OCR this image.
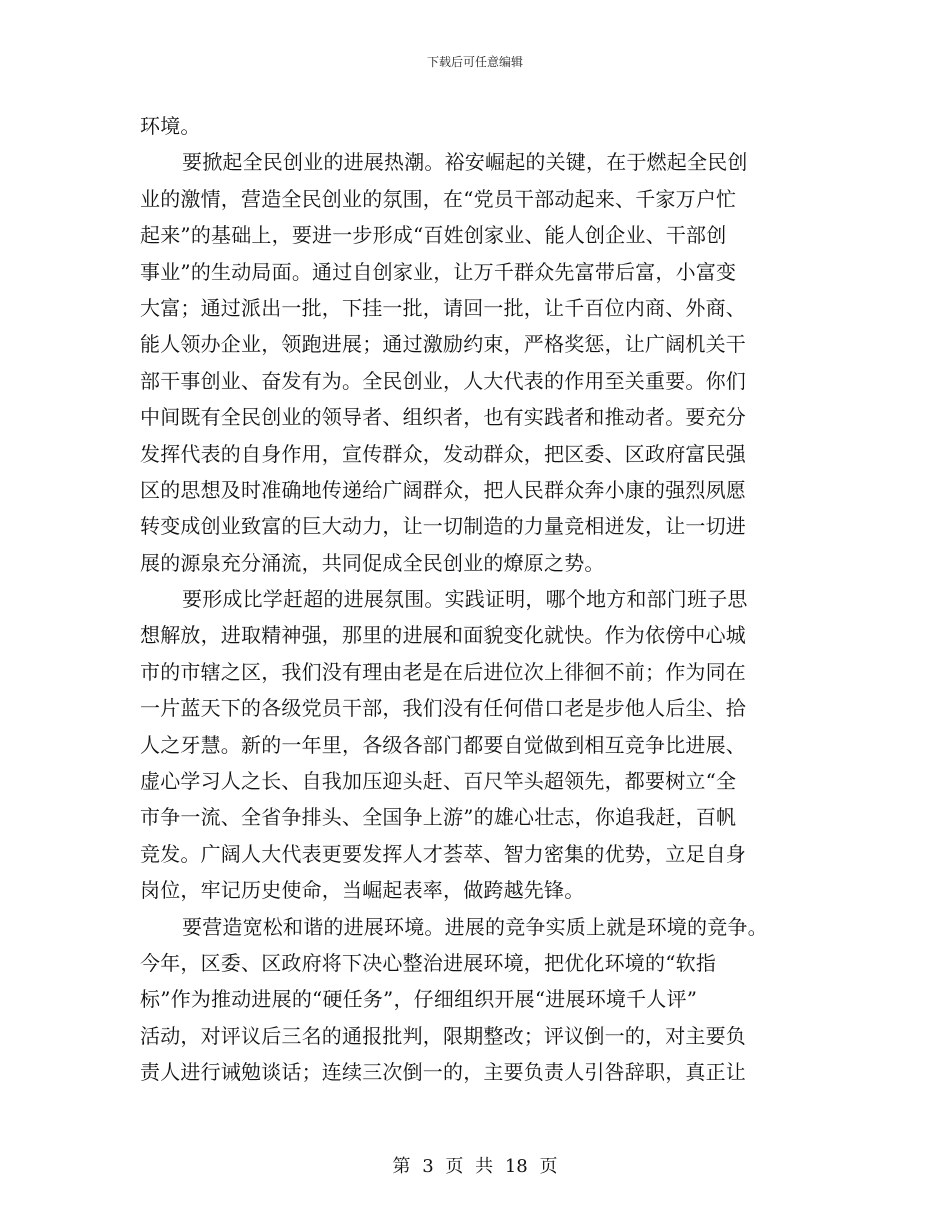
下载后可任意编辑
环境。
要掀起全民创业的进展热潮。裕安崛起的关键，在于燃起全民创
业的激情，营造全民创业的氛围，在“党员干部动起来、千家万户忙
起来”的基础上，要进一步形成“百姓创家业、能人创企业、干部创
事业”的生动局面。通过自创家业，让万千群众先富带后富，小富变
大富；通过派出一批，下挂一批，请回一批，让千百位内商、外商、
能人领办企业，领跑进展；通过激励约束，严格奖惩，让广阔机关干
部干事创业、奋发有为。全民创业，人大代表的作用至关重要。你们
中间既有全民创业的领导者、组织者，也有实践者和推动者。要充分
发挥代表的自身作用，宣传群众，发动群众，把区委、区政府富民强
区的思想及时准确地传递给广阔群众，把人民群众奔小康的强烈夙愿
转变成创业致富的巨大动力，让一切制造的力量竞相迸发，让一切进
展的源泉充分涌流，共同促成全民创业的燎原之势。
要形成比学赶超的进展氛围。实践证明，哪个地方和部门班子思
想解放，进取精神强，那里的进展和面貌变化就快。作为依傍中心城
市的市辖之区，我们没有理由老是在后进位次上徘徊不前；作为同在
一片蓝天下的各级党员干部，我们没有任何借口老是步他人后尘、拾
人之牙慧。新的一年里，各级各部门都要自觉做到相互竞争比进展、
虚心学习人之长、自我加压迎头赶、百尺竿头超领先，都要树立“全
市争一流、全省争排头、全国争上游”的雄心壮志，你追我赶，百帆
竞发。广阔人大代表更要发挥人才荟萃、智力密集的优势，立足自身
岗位，牢记历史使命，当崛起表率，做跨越先锋。
要营造宽松和谐的进展环境。进展的竞争实质上就是环境的竞争。
今年，区委、区政府将下决心整治进展环境，把优化环境的“软指
标”作为推动进展的“硬任务”，仔细组织开展“进展环境千人评”
活动，对评议后三名的通报批判，限期整改；评议倒一的，对主要负
责人进行诫勉谈话；连续三次倒一的，主要负责人引咎辞职，真正让
第 3 页 共 18 页
